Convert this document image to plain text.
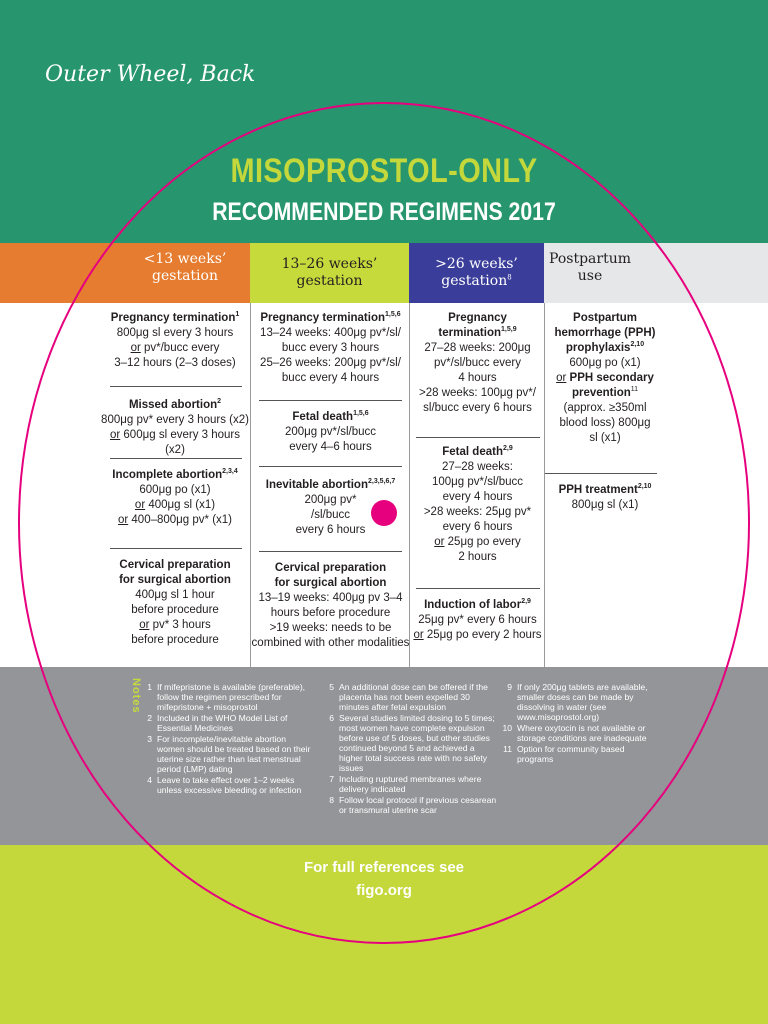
Outer Wheel, Back
MISOPROSTOL-ONLY
RECOMMENDED REGIMENS 2017
<13 weeks’
gestation
13–26 weeks’
gestation
>26 weeks’
gestation$^8$
Postpartum
use
Pregnancy termination$^1$
800μg sl every 3 hours
or pv*/bucc every
3–12 hours (2–3 doses)
Missed abortion$^2$
800μg pv* every 3 hours (x2)
or 600μg sl every 3 hours (x2)
Incomplete abortion$^{2,3,4}$
600μg po (x1)
or 400μg sl (x1)
or 400–800μg pv* (x1)
Cervical preparation
for surgical abortion
400μg sl 1 hour
before procedure
or pv* 3 hours
before procedure
Pregnancy termination$^{1,5,6}$
13–24 weeks: 400μg pv*/sl/
bucc every 3 hours
25–26 weeks: 200μg pv*/sl/
bucc every 4 hours
Fetal death$^{1,5,6}$
200μg pv*/sl/bucc
every 4–6 hours
Inevitable abortion$^{2,3,5,6,7}$
200μg pv*
/sl/bucc
every 6 hours
Cervical preparation
for surgical abortion
13–19 weeks: 400μg pv 3–4
hours before procedure
>19 weeks: needs to be
combined with other modalities
Pregnancy
termination$^{1,5,9}$
27–28 weeks: 200μg
pv*/sl/bucc every
4 hours
>28 weeks: 100μg pv*/
sl/bucc every 6 hours
Fetal death$^{2,9}$
27–28 weeks:
100μg pv*/sl/bucc
every 4 hours
>28 weeks: 25μg pv*
every 6 hours
or 25μg po every
2 hours
Induction of labor$^{2,9}$
25μg pv* every 6 hours
or 25μg po every 2 hours
Postpartum
hemorrhage (PPH)
prophylaxis$^{2,10}$
600μg po (x1)
or PPH secondary
prevention$^{11}$
(approx. ≥350ml
blood loss) 800μg
sl (x1)
PPH treatment$^{2,10}$
800μg sl (x1)
Notes 1 If mifepristone is available (preferable), follow the regimen prescribed for mifepristone + misoprostol
2 Included in the WHO Model List of Essential Medicines
3 For incomplete/inevitable abortion women should be treated based on their uterine size rather than last menstrual period (LMP) dating
4 Leave to take effect over 1–2 weeks unless excessive bleeding or infection
5 An additional dose can be offered if the placenta has not been expelled 30 minutes after fetal expulsion
6 Several studies limited dosing to 5 times; most women have complete expulsion before use of 5 doses, but other studies continued beyond 5 and achieved a higher total success rate with no safety issues
7 Including ruptured membranes where delivery indicated
8 Follow local protocol if previous cesarean or transmural uterine scar
9 If only 200μg tablets are available, smaller doses can be made by dissolving in water (see www.misoprostol.org)
10 Where oxytocin is not available or storage conditions are inadequate
11 Option for community based programs
For full references see
figo.org
